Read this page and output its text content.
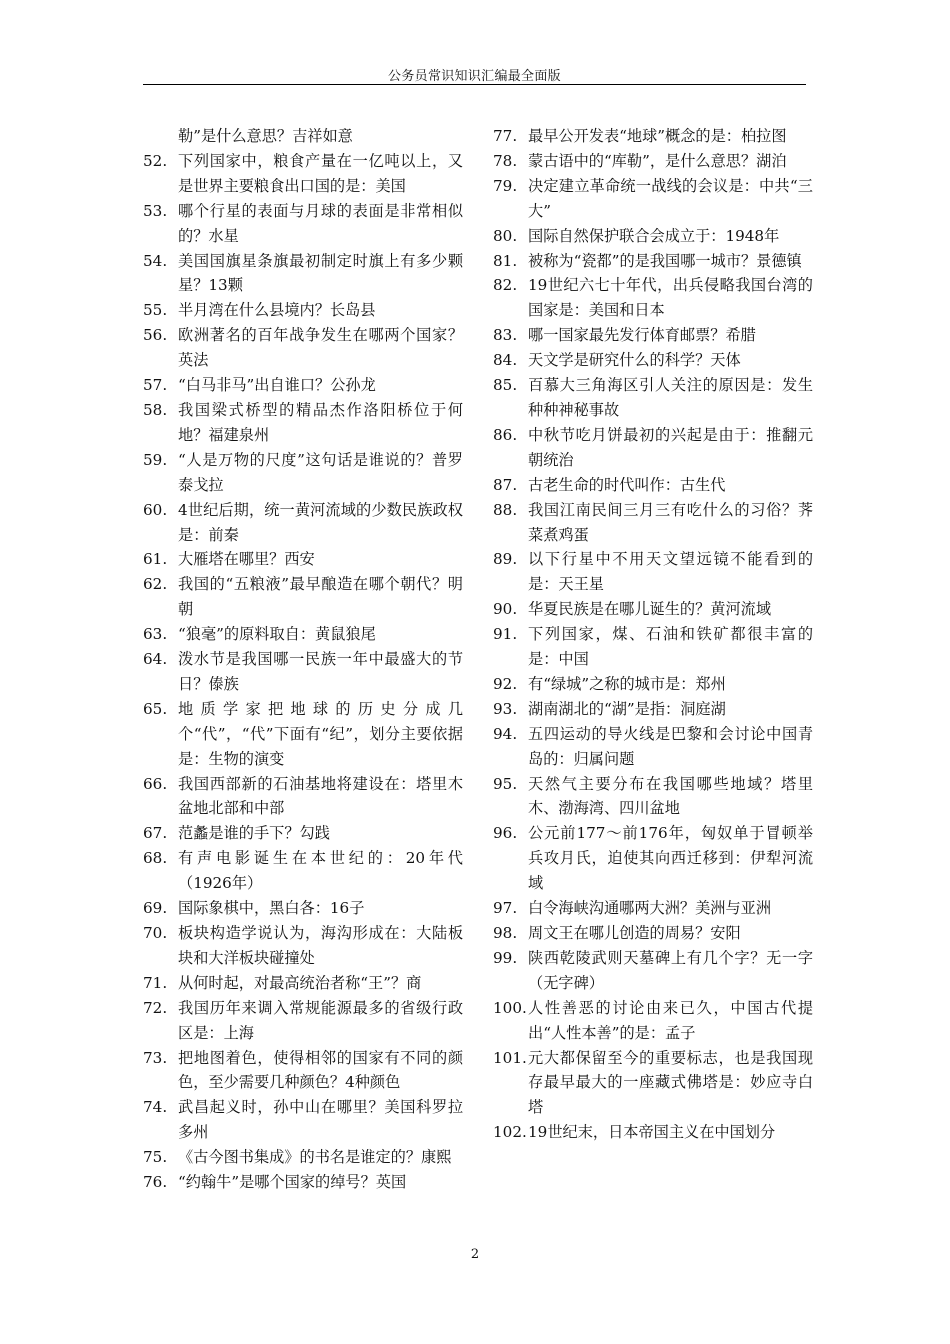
公务员常识知识汇编最全面版
勒”是什么意思？吉祥如意
52. 下列国家中，粮食产量在一亿吨以上，又是世界主要粮食出口国的是：美国
53. 哪个行星的表面与月球的表面是非常相似的？水星
54. 美国国旗星条旗最初制定时旗上有多少颗星？13颗
55. 半月湾在什么县境内？长岛县
56. 欧洲著名的百年战争发生在哪两个国家？英法
57. “白马非马”出自谁口？公孙龙
58. 我国梁式桥型的精品杰作洛阳桥位于何地？福建泉州
59. “人是万物的尺度”这句话是谁说的？普罗泰戈拉
60. 4世纪后期，统一黄河流域的少数民族政权是：前秦
61. 大雁塔在哪里？西安
62. 我国的“五粮液”最早酿造在哪个朝代？明朝
63. “狼毫”的原料取自：黄鼠狼尾
64. 泼水节是我国哪一民族一年中最盛大的节日？傣族
65. 地质学家把地球的历史分成几个“代”，“代”下面有“纪”，划分主要依据是：生物的演变
66. 我国西部新的石油基地将建设在：塔里木盆地北部和中部
67. 范蠡是谁的手下？勾践
68. 有声电影诞生在本世纪的：20年代（1926年）
69. 国际象棋中，黑白各：16子
70. 板块构造学说认为，海沟形成在：大陆板块和大洋板块碰撞处
71. 从何时起，对最高统治者称“王”？商
72. 我国历年来调入常规能源最多的省级行政区是：上海
73. 把地图着色，使得相邻的国家有不同的颜色，至少需要几种颜色？4种颜色
74. 武昌起义时，孙中山在哪里？美国科罗拉多州
75. 《古今图书集成》的书名是谁定的？康熙
76. “约翰牛”是哪个国家的绰号？英国
77. 最早公开发表“地球”概念的是：柏拉图
78. 蒙古语中的“库勒”，是什么意思？湖泊
79. 决定建立革命统一战线的会议是：中共“三大”
80. 国际自然保护联合会成立于：1948年
81. 被称为“瓷都”的是我国哪一城市？景德镇
82. 19世纪六七十年代，出兵侵略我国台湾的国家是：美国和日本
83. 哪一国家最先发行体育邮票？希腊
84. 天文学是研究什么的科学？天体
85. 百慕大三角海区引人关注的原因是：发生种种神秘事故
86. 中秋节吃月饼最初的兴起是由于：推翻元朝统治
87. 古老生命的时代叫作：古生代
88. 我国江南民间三月三有吃什么的习俗？荠菜煮鸡蛋
89. 以下行星中不用天文望远镜不能看到的是：天王星
90. 华夏民族是在哪儿诞生的？黄河流域
91. 下列国家，煤、石油和铁矿都很丰富的是：中国
92. 有“绿城”之称的城市是：郑州
93. 湖南湖北的“湖”是指：洞庭湖
94. 五四运动的导火线是巴黎和会讨论中国青岛的：归属问题
95. 天然气主要分布在我国哪些地域？塔里木、渤海湾、四川盆地
96. 公元前177～前176年，匈奴单于冒顿举兵攻月氏，迫使其向西迁移到：伊犁河流域
97. 白令海峡沟通哪两大洲？美洲与亚洲
98. 周文王在哪儿创造的周易？安阳
99. 陕西乾陵武则天墓碑上有几个字？无一字（无字碑）
100. 人性善恶的讨论由来已久，中国古代提出“人性本善”的是：孟子
101. 元大都保留至今的重要标志，也是我国现存最早最大的一座藏式佛塔是：妙应寺白塔
102. 19世纪末，日本帝国主义在中国划分
2
